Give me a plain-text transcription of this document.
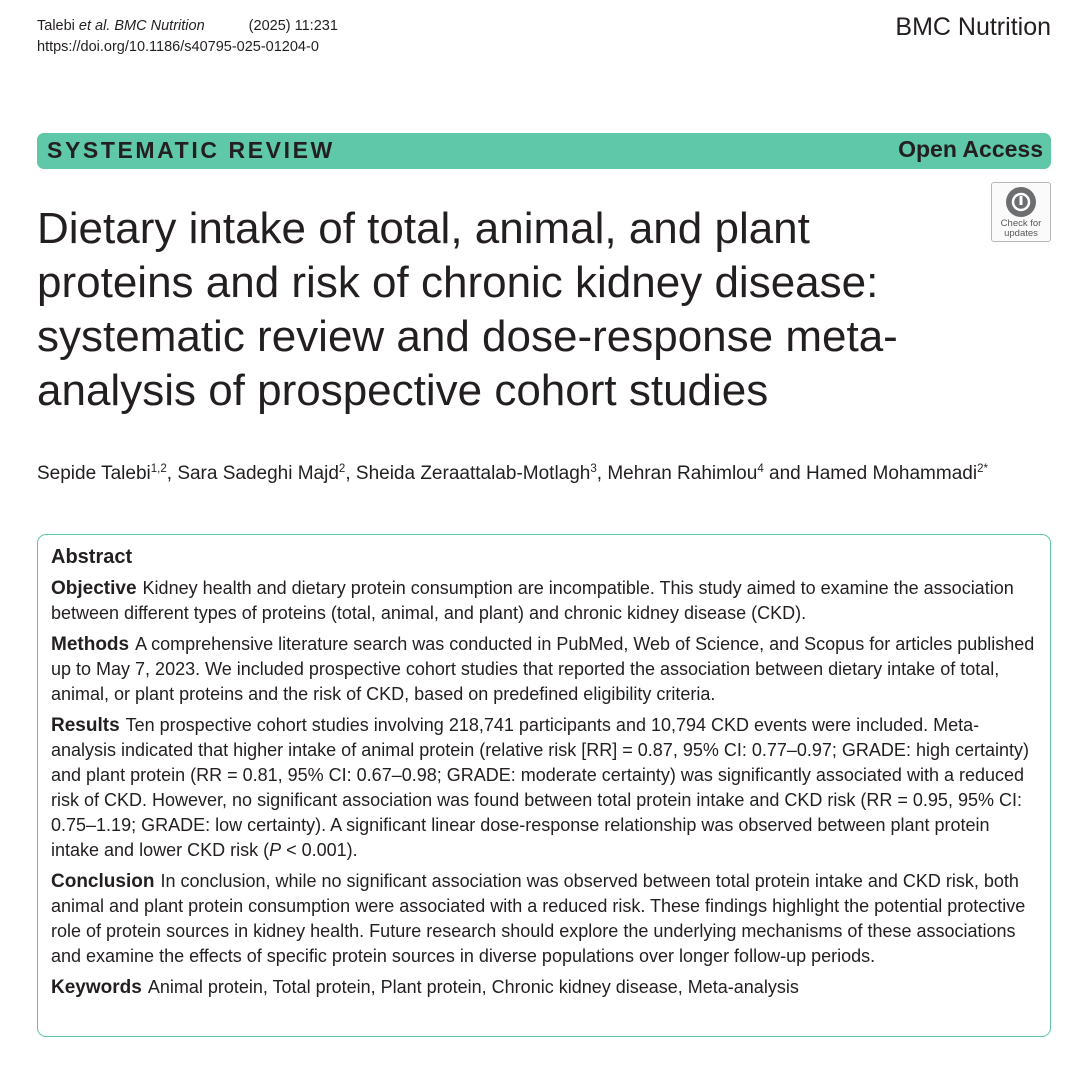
Talebi et al. BMC Nutrition	(2025) 11:231
https://doi.org/10.1186/s40795-025-01204-0
BMC Nutrition
SYSTEMATIC REVIEW	Open Access
Check for
updates
Dietary intake of total, animal, and plant proteins and risk of chronic kidney disease: systematic review and dose-response meta-analysis of prospective cohort studies
Sepide Talebi$^{1,2}$, Sara Sadeghi Majd$^2$, Sheida Zeraattalab-Motlagh$^3$, Mehran Rahimlou$^4$ and Hamed Mohammadi$^{2*}$
Abstract

Objective Kidney health and dietary protein consumption are incompatible. This study aimed to examine the association between different types of proteins (total, animal, and plant) and chronic kidney disease (CKD).

Methods A comprehensive literature search was conducted in PubMed, Web of Science, and Scopus for articles published up to May 7, 2023. We included prospective cohort studies that reported the association between dietary intake of total, animal, or plant proteins and the risk of CKD, based on predefined eligibility criteria.

Results Ten prospective cohort studies involving 218,741 participants and 10,794 CKD events were included. Meta-analysis indicated that higher intake of animal protein (relative risk [RR] = 0.87, 95% CI: 0.77–0.97; GRADE: high certainty) and plant protein (RR = 0.81, 95% CI: 0.67–0.98; GRADE: moderate certainty) was significantly associated with a reduced risk of CKD. However, no significant association was found between total protein intake and CKD risk (RR = 0.95, 95% CI: 0.75–1.19; GRADE: low certainty). A significant linear dose-response relationship was observed between plant protein intake and lower CKD risk (P < 0.001).

Conclusion In conclusion, while no significant association was observed between total protein intake and CKD risk, both animal and plant protein consumption were associated with a reduced risk. These findings highlight the potential protective role of protein sources in kidney health. Future research should explore the underlying mechanisms of these associations and examine the effects of specific protein sources in diverse populations over longer follow-up periods.

Keywords Animal protein, Total protein, Plant protein, Chronic kidney disease, Meta-analysis
